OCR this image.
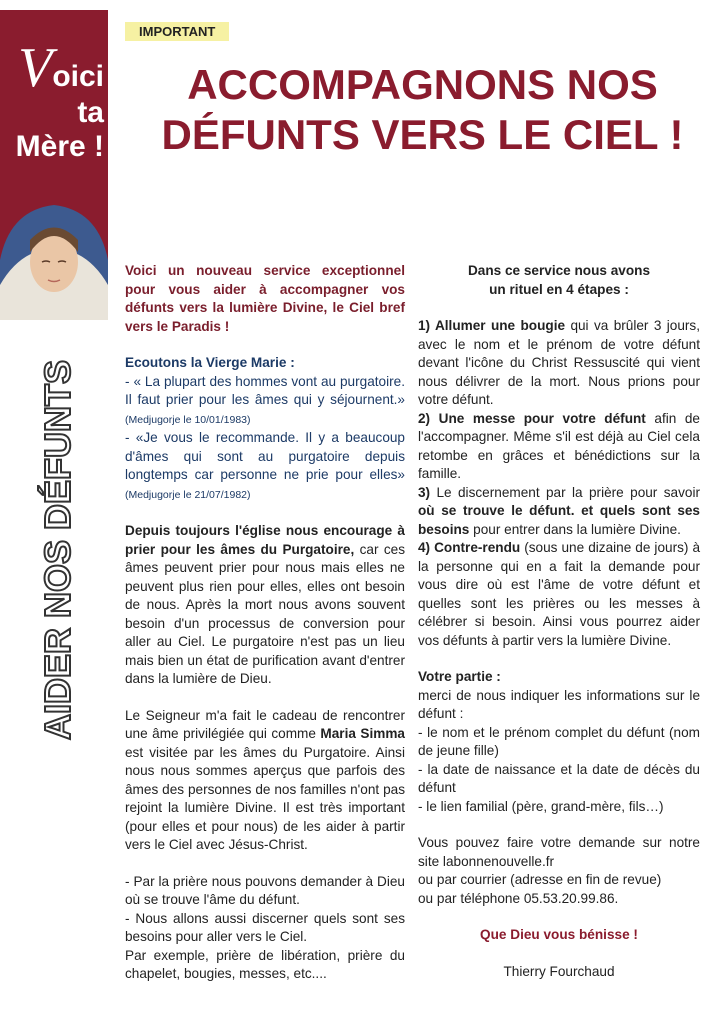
Voici
ta
Mère !
AIDER NOS DÉFUNTS
IMPORTANT
ACCOMPAGNONS NOS
DÉFUNTS VERS LE CIEL !

Voici un nouveau service exceptionnel pour vous aider à accompagner vos défunts vers la lumière Divine, le Ciel bref vers le Paradis !

Ecoutons la Vierge Marie :

- « La plupart des hommes vont au purgatoire. Il faut prier pour les âmes qui y séjournent.» (Medjugorje le 10/01/1983)

- «Je vous le recommande. Il y a beaucoup d'âmes qui sont au purgatoire depuis longtemps car personne ne prie pour elles» (Medjugorje le 21/07/1982)

Depuis toujours l'église nous encourage à prier pour les âmes du Purgatoire, car ces âmes peuvent prier pour nous mais elles ne peuvent plus rien pour elles, elles ont besoin de nous. Après la mort nous avons souvent besoin d'un processus de conversion pour aller au Ciel. Le purgatoire n'est pas un lieu mais bien un état de purification avant d'entrer dans la lumière de Dieu.

Le Seigneur m'a fait le cadeau de rencontrer une âme privilégiée qui comme Maria Simma est visitée par les âmes du Purgatoire. Ainsi nous nous sommes aperçus que parfois des âmes des personnes de nos familles n'ont pas rejoint la lumière Divine. Il est très important (pour elles et pour nous) de les aider à partir vers le Ciel avec Jésus-Christ.

- Par la prière nous pouvons demander à Dieu où se trouve l'âme du défunt.

- Nous allons aussi discerner quels sont ses besoins pour aller vers le Ciel.

Par exemple, prière de libération, prière du chapelet, bougies, messes, etc....

Dans ce service nous avons

un rituel en 4 étapes :

1) Allumer une bougie qui va brûler 3 jours, avec le nom et le prénom de votre défunt devant l'icône du Christ Ressuscité qui vient nous délivrer de la mort. Nous prions pour votre défunt.

2) Une messe pour votre défunt afin de l'accompagner. Même s'il est déjà au Ciel cela retombe en grâces et bénédictions sur la famille.

3) Le discernement par la prière pour savoir où se trouve le défunt. et quels sont ses besoins pour entrer dans la lumière Divine.

4) Contre-rendu (sous une dizaine de jours) à la personne qui en a fait la demande pour vous dire où est l'âme de votre défunt et quelles sont les prières ou les messes à célébrer si besoin. Ainsi vous pourrez aider vos défunts à partir vers la lumière Divine.

Votre partie :

merci de nous indiquer les informations sur le défunt :

- le nom et le prénom complet du défunt (nom de jeune fille)

- la date de naissance et la date de décès du défunt

- le lien familial (père, grand-mère, fils…)

Vous pouvez faire votre demande sur notre site labonnenouvelle.fr

ou par courrier (adresse en fin de revue)

ou par téléphone 05.53.20.99.86.

Que Dieu vous bénisse !

Thierry Fourchaud
